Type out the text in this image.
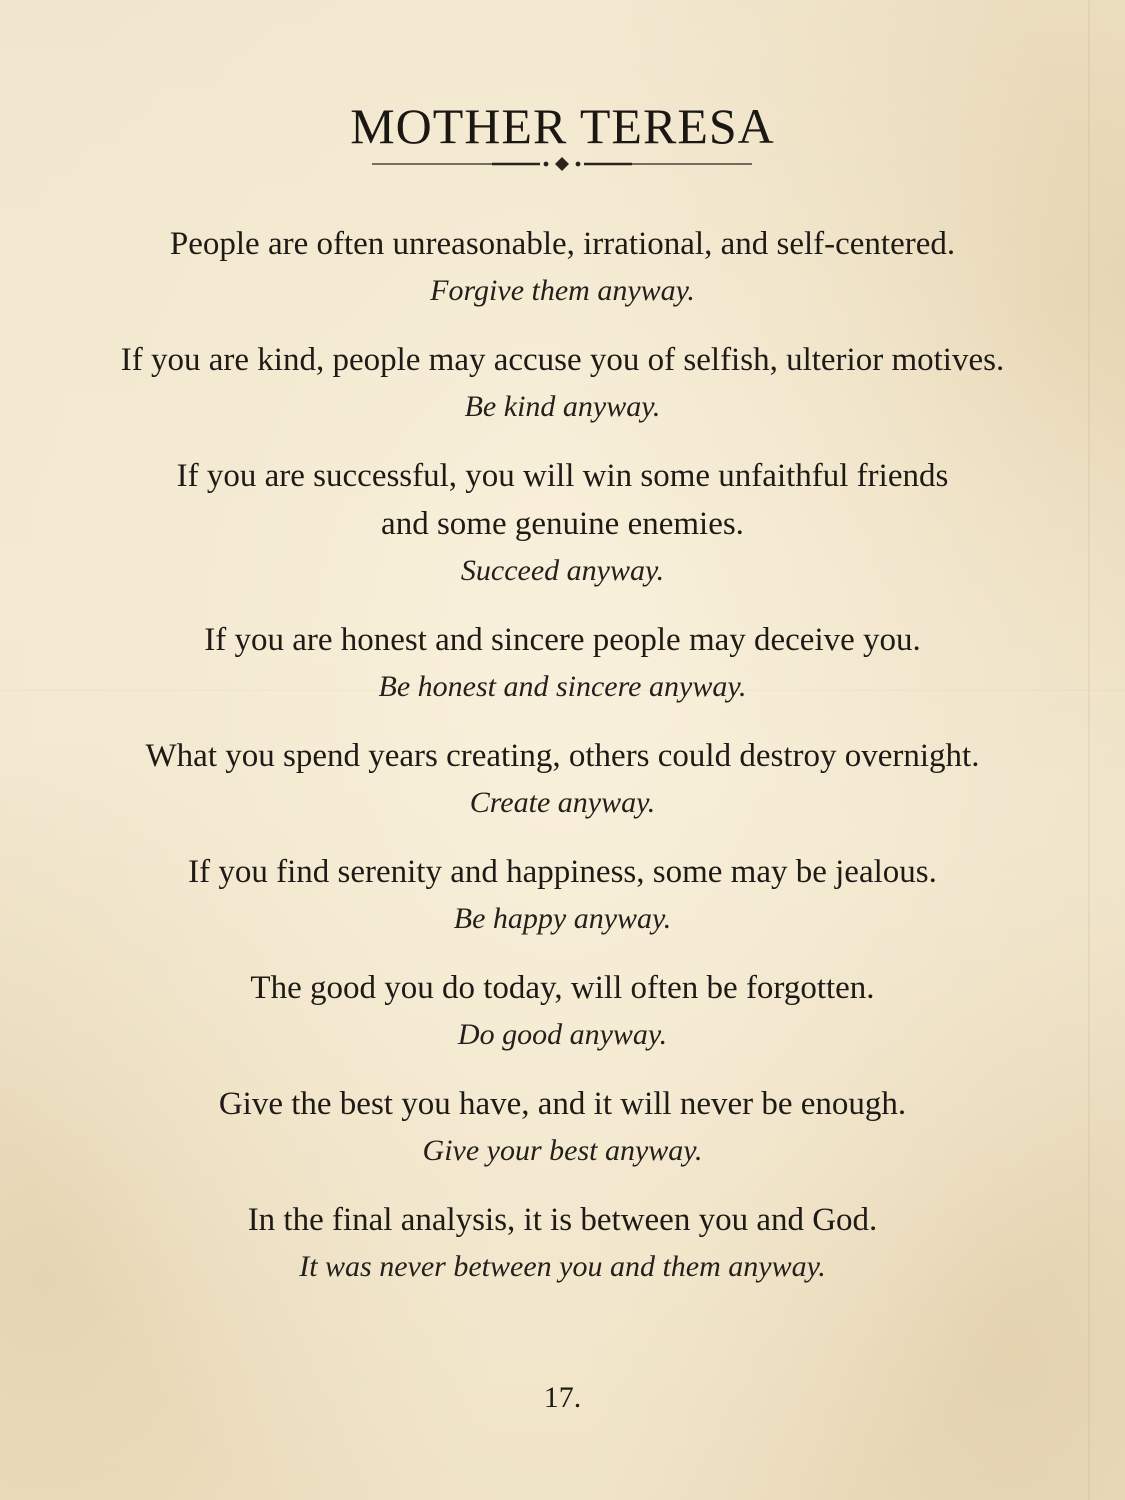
MOTHER TERESA
People are often unreasonable, irrational, and self-centered.
Forgive them anyway.
If you are kind, people may accuse you of selfish, ulterior motives.
Be kind anyway.
If you are successful, you will win some unfaithful friends
and some genuine enemies.
Succeed anyway.
If you are honest and sincere people may deceive you.
Be honest and sincere anyway.
What you spend years creating, others could destroy overnight.
Create anyway.
If you find serenity and happiness, some may be jealous.
Be happy anyway.
The good you do today, will often be forgotten.
Do good anyway.
Give the best you have, and it will never be enough.
Give your best anyway.
In the final analysis, it is between you and God.
It was never between you and them anyway.
17.
